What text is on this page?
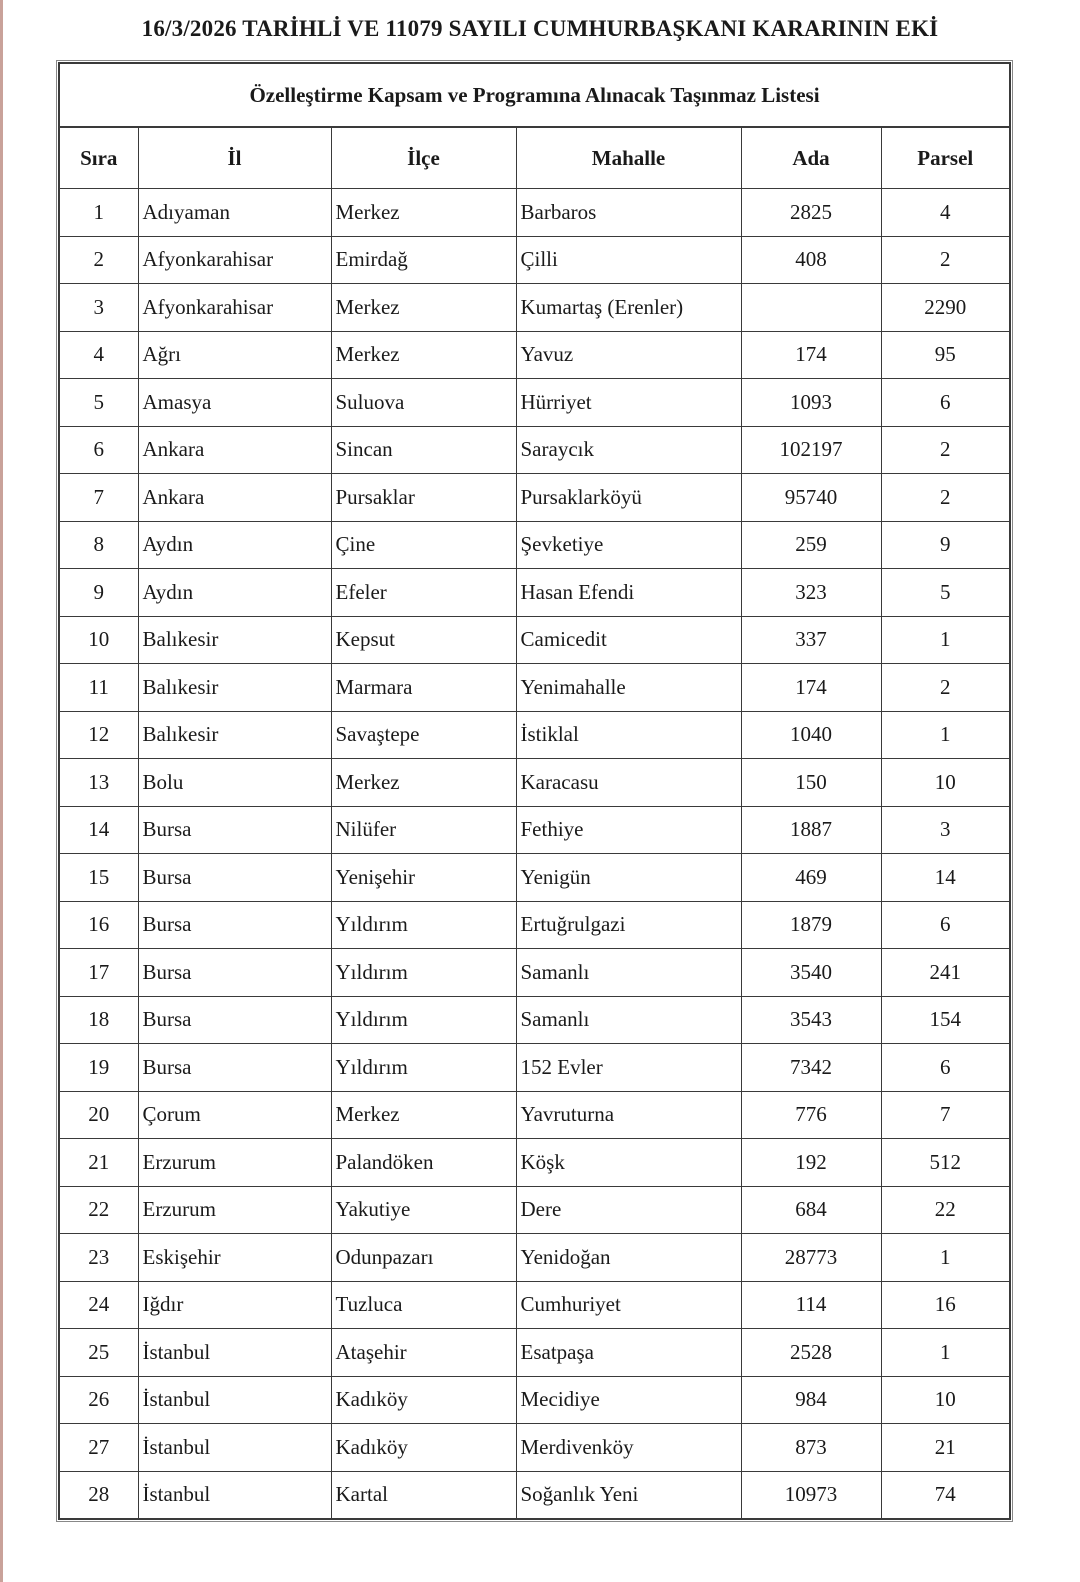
16/3/2026 TARİHLİ VE 11079 SAYILI CUMHURBAŞKANI KARARININ EKİ
Özelleştirme Kapsam ve Programına Alınacak Taşınmaz Listesi
Sıra	İl	İlçe	Mahalle	Ada	Parsel
1	Adıyaman	Merkez	Barbaros	2825	4
2	Afyonkarahisar	Emirdağ	Çilli	408	2
3	Afyonkarahisar	Merkez	Kumartaş (Erenler)		2290
4	Ağrı	Merkez	Yavuz	174	95
5	Amasya	Suluova	Hürriyet	1093	6
6	Ankara	Sincan	Saraycık	102197	2
7	Ankara	Pursaklar	Pursaklarköyü	95740	2
8	Aydın	Çine	Şevketiye	259	9
9	Aydın	Efeler	Hasan Efendi	323	5
10	Balıkesir	Kepsut	Camicedit	337	1
11	Balıkesir	Marmara	Yenimahalle	174	2
12	Balıkesir	Savaştepe	İstiklal	1040	1
13	Bolu	Merkez	Karacasu	150	10
14	Bursa	Nilüfer	Fethiye	1887	3
15	Bursa	Yenişehir	Yenigün	469	14
16	Bursa	Yıldırım	Ertuğrulgazi	1879	6
17	Bursa	Yıldırım	Samanlı	3540	241
18	Bursa	Yıldırım	Samanlı	3543	154
19	Bursa	Yıldırım	152 Evler	7342	6
20	Çorum	Merkez	Yavruturna	776	7
21	Erzurum	Palandöken	Köşk	192	512
22	Erzurum	Yakutiye	Dere	684	22
23	Eskişehir	Odunpazarı	Yenidoğan	28773	1
24	Iğdır	Tuzluca	Cumhuriyet	114	16
25	İstanbul	Ataşehir	Esatpaşa	2528	1
26	İstanbul	Kadıköy	Mecidiye	984	10
27	İstanbul	Kadıköy	Merdivenköy	873	21
28	İstanbul	Kartal	Soğanlık Yeni	10973	74
